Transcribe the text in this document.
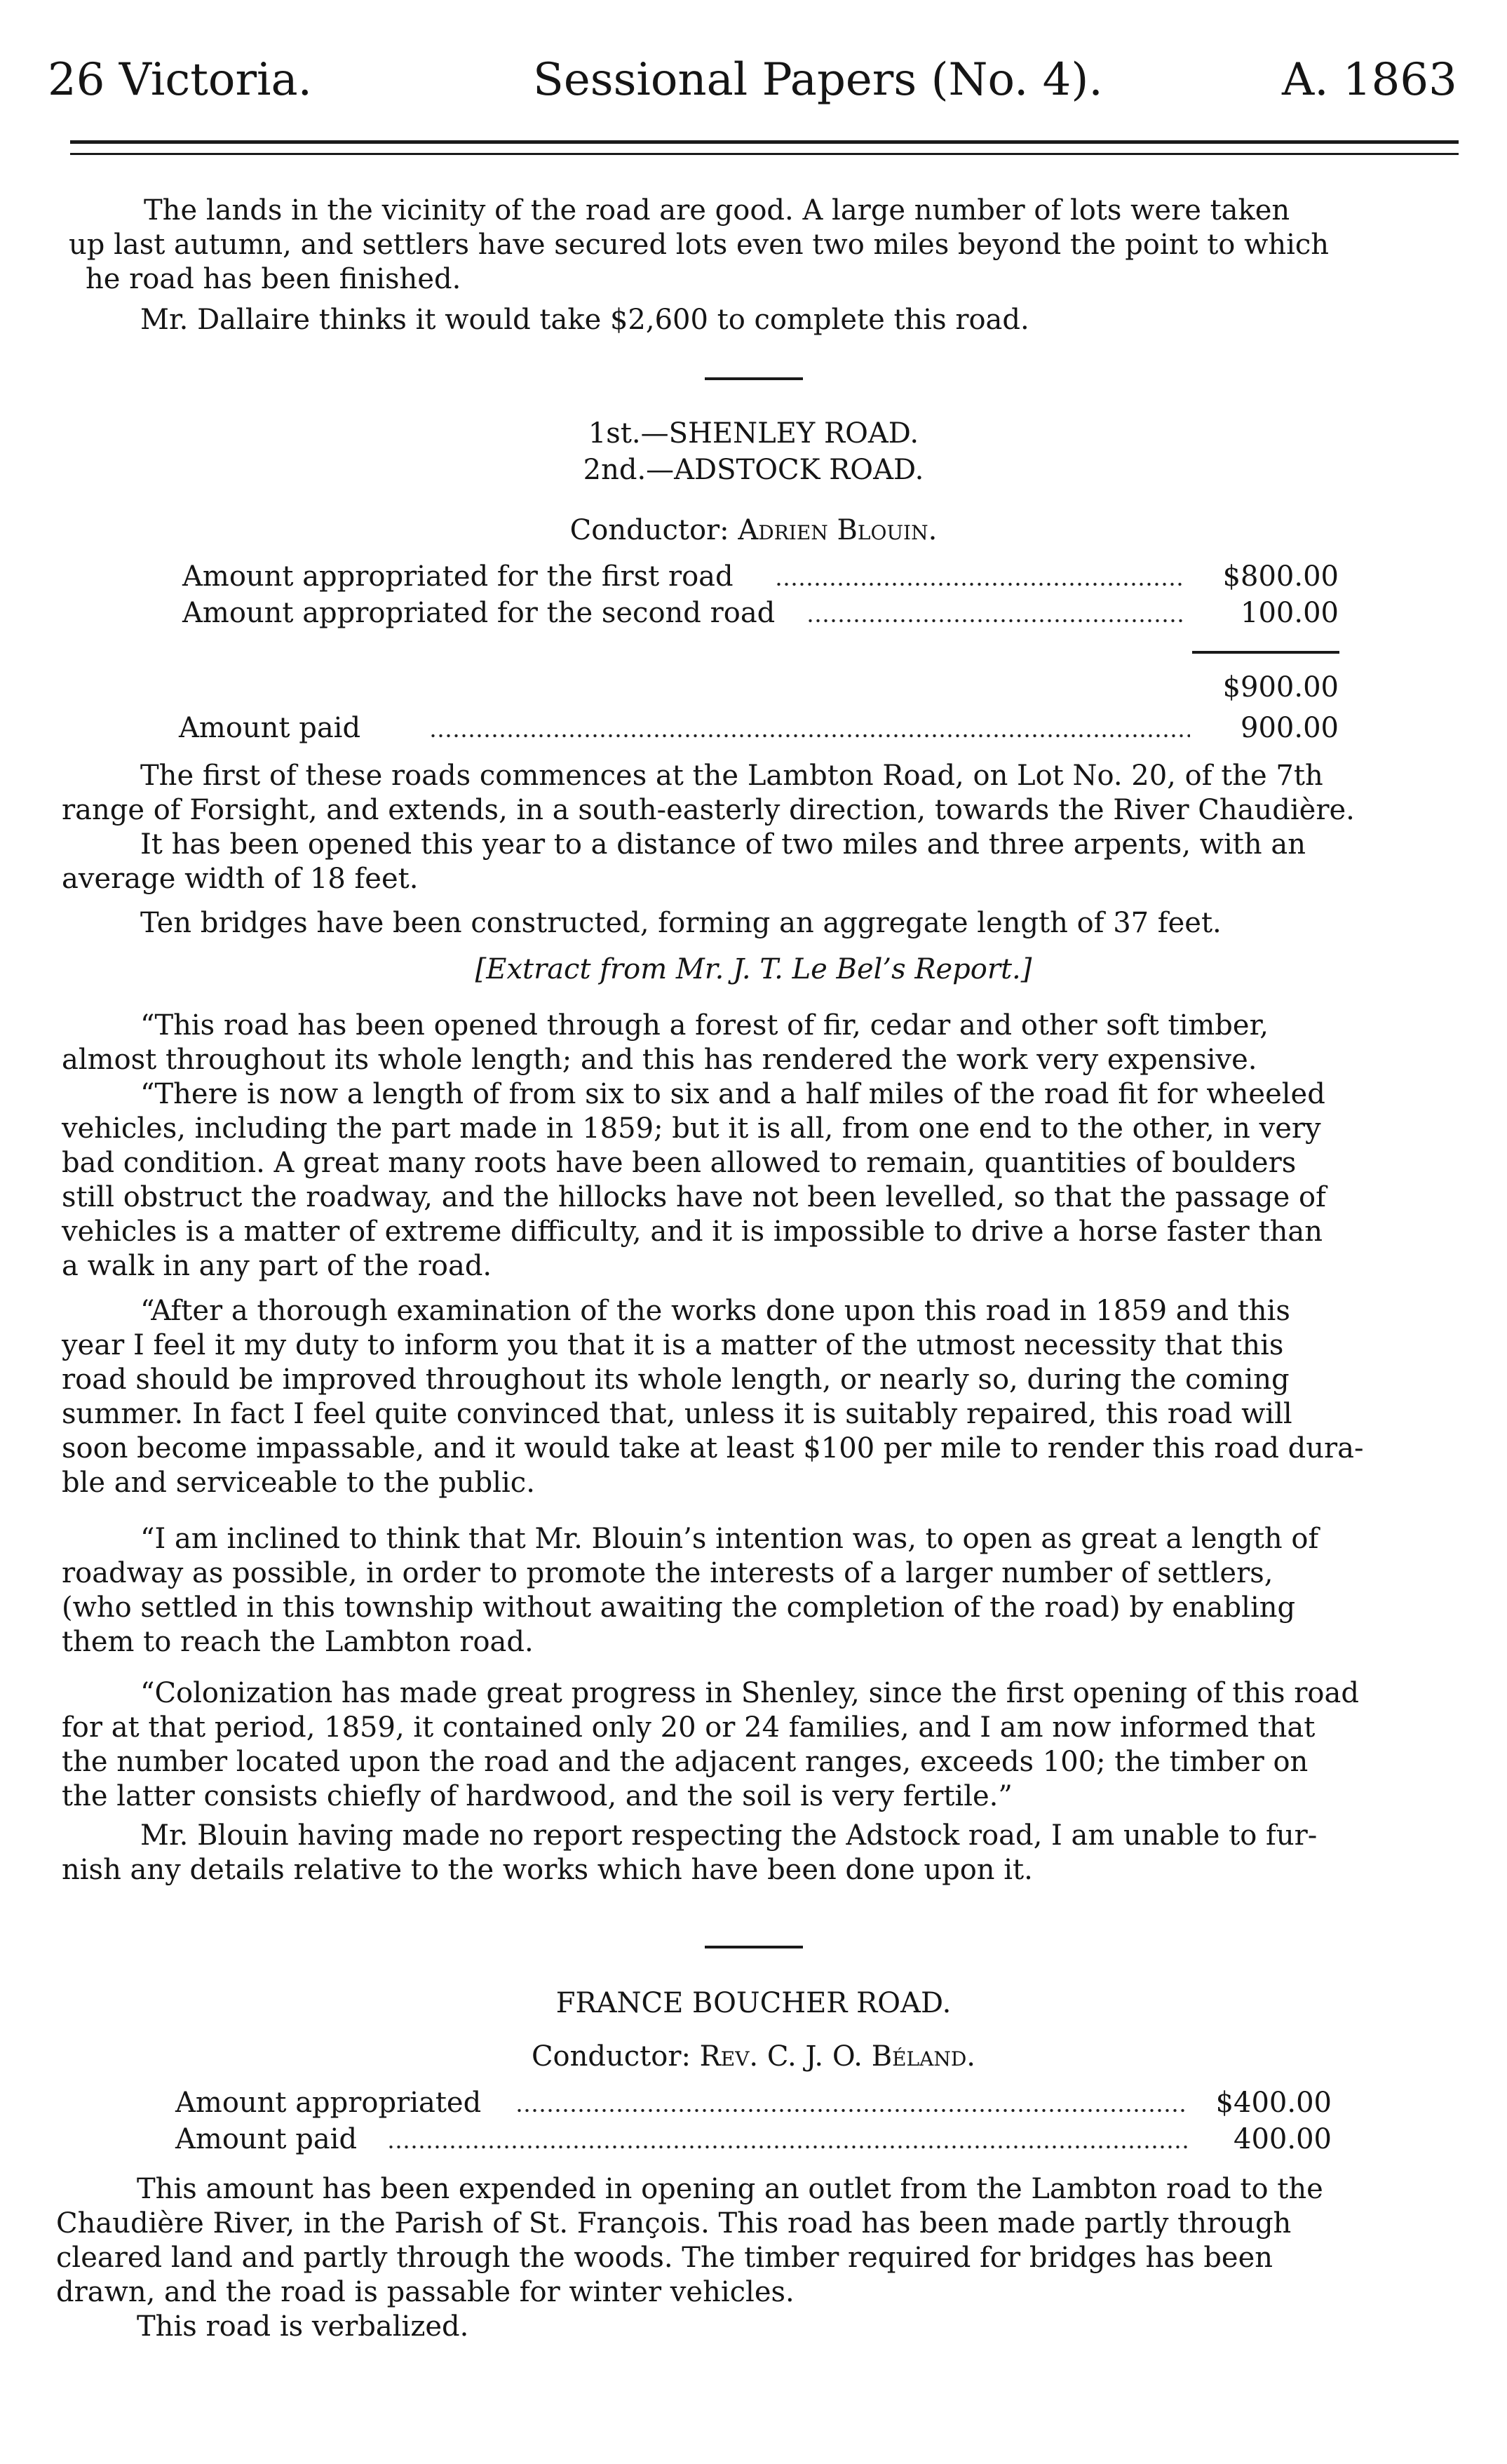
26 Victoria.	Sessional Papers (No. 4).	A. 1863
The lands in the vicinity of the road are good. A large number of lots were taken
up last autumn, and settlers have secured lots even two miles beyond the point to which
he road has been finished.
Mr. Dallaire thinks it would take $2,600 to complete this road.
1st.—SHENLEY ROAD.
2nd.—ADSTOCK ROAD.
Conductor: Adrien Blouin.
Amount appropriated for the first road	$800.00
Amount appropriated for the second road	100.00
$900.00
Amount paid	900.00
The first of these roads commences at the Lambton Road, on Lot No. 20, of the 7th
range of Forsight, and extends, in a south-easterly direction, towards the River Chaudière.
It has been opened this year to a distance of two miles and three arpents, with an
average width of 18 feet.
Ten bridges have been constructed, forming an aggregate length of 37 feet.
[Extract from Mr. J. T. Le Bel’s Report.]
“This road has been opened through a forest of fir, cedar and other soft timber,
almost throughout its whole length; and this has rendered the work very expensive.
“There is now a length of from six to six and a half miles of the road fit for wheeled
vehicles, including the part made in 1859; but it is all, from one end to the other, in very
bad condition. A great many roots have been allowed to remain, quantities of boulders
still obstruct the roadway, and the hillocks have not been levelled, so that the passage of
vehicles is a matter of extreme difficulty, and it is impossible to drive a horse faster than
a walk in any part of the road.
“After a thorough examination of the works done upon this road in 1859 and this
year I feel it my duty to inform you that it is a matter of the utmost necessity that this
road should be improved throughout its whole length, or nearly so, during the coming
summer. In fact I feel quite convinced that, unless it is suitably repaired, this road will
soon become impassable, and it would take at least $100 per mile to render this road dura-
ble and serviceable to the public.
“I am inclined to think that Mr. Blouin’s intention was, to open as great a length of
roadway as possible, in order to promote the interests of a larger number of settlers,
(who settled in this township without awaiting the completion of the road) by enabling
them to reach the Lambton road.
“Colonization has made great progress in Shenley, since the first opening of this road
for at that period, 1859, it contained only 20 or 24 families, and I am now informed that
the number located upon the road and the adjacent ranges, exceeds 100; the timber on
the latter consists chiefly of hardwood, and the soil is very fertile.”
Mr. Blouin having made no report respecting the Adstock road, I am unable to fur-
nish any details relative to the works which have been done upon it.
FRANCE BOUCHER ROAD.
Conductor: Rev. C. J. O. Béland.
Amount appropriated	$400.00
Amount paid	400.00
This amount has been expended in opening an outlet from the Lambton road to the
Chaudière River, in the Parish of St. François. This road has been made partly through
cleared land and partly through the woods. The timber required for bridges has been
drawn, and the road is passable for winter vehicles.
This road is verbalized.
